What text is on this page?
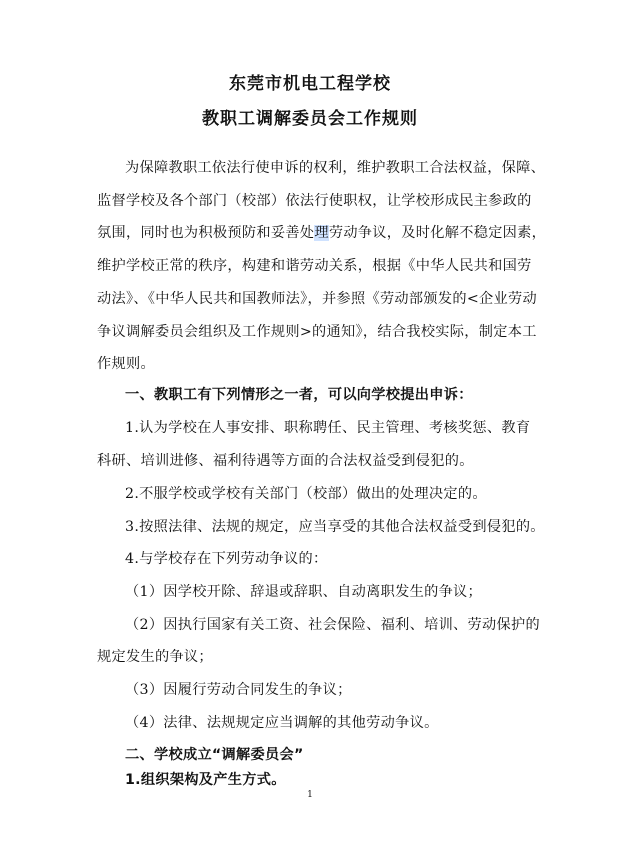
东莞市机电工程学校
教职工调解委员会工作规则
为保障教职工依法行使申诉的权利，维护教职工合法权益，保障、
监督学校及各个部门（校部）依法行使职权，让学校形成民主参政的
氛围，同时也为积极预防和妥善处理劳动争议，及时化解不稳定因素，
维护学校正常的秩序，构建和谐劳动关系，根据《中华人民共和国劳
动法》、《中华人民共和国教师法》，并参照《劳动部颁发的<企业劳动
争议调解委员会组织及工作规则>的通知》，结合我校实际，制定本工
作规则。
一、教职工有下列情形之一者，可以向学校提出申诉：
1.认为学校在人事安排、职称聘任、民主管理、考核奖惩、教育
科研、培训进修、福利待遇等方面的合法权益受到侵犯的。
2.不服学校或学校有关部门（校部）做出的处理决定的。
3.按照法律、法规的规定，应当享受的其他合法权益受到侵犯的。
4.与学校存在下列劳动争议的：
（1）因学校开除、辞退或辞职、自动离职发生的争议；
（2）因执行国家有关工资、社会保险、福利、培训、劳动保护的
规定发生的争议；
（3）因履行劳动合同发生的争议；
（4）法律、法规规定应当调解的其他劳动争议。
二、学校成立“调解委员会”
1.组织架构及产生方式。
1
